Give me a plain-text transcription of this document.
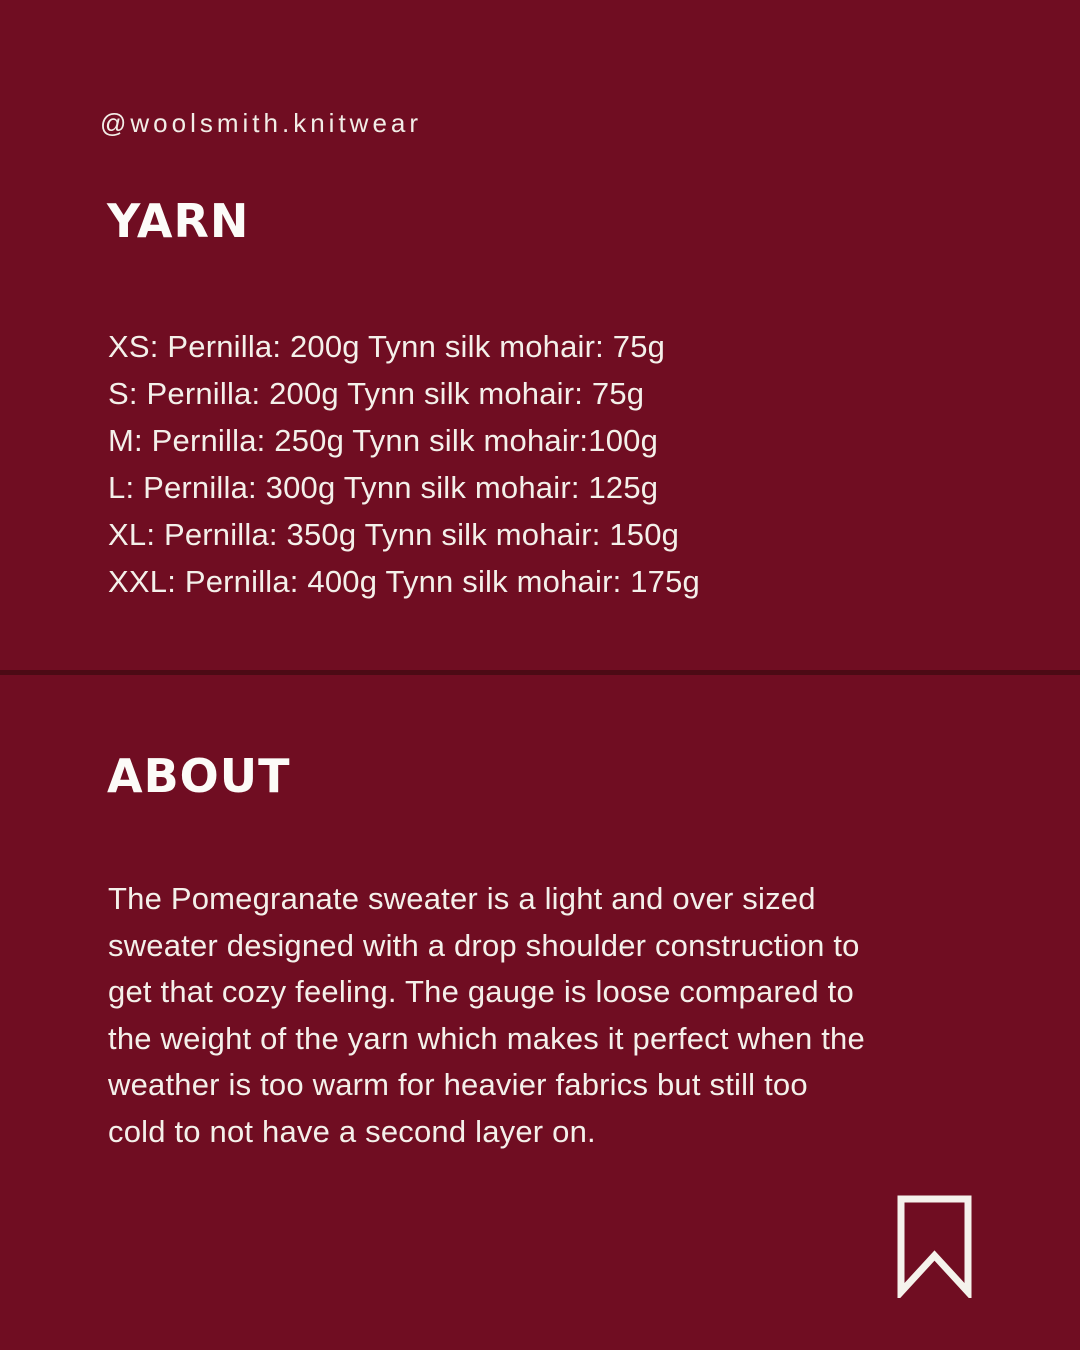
@woolsmith.knitwear
YARN
XS: Pernilla: 200g Tynn silk mohair: 75g
S: Pernilla: 200g Tynn silk mohair: 75g
M: Pernilla: 250g Tynn silk mohair:100g
L: Pernilla: 300g Tynn silk mohair: 125g
XL: Pernilla: 350g Tynn silk mohair: 150g
XXL: Pernilla: 400g Tynn silk mohair: 175g
ABOUT
The Pomegranate sweater is a light and over sized
sweater designed with a drop shoulder construction to
get that cozy feeling. The gauge is loose compared to
the weight of the yarn which makes it perfect when the
weather is too warm for heavier fabrics but still too
cold to not have a second layer on.
